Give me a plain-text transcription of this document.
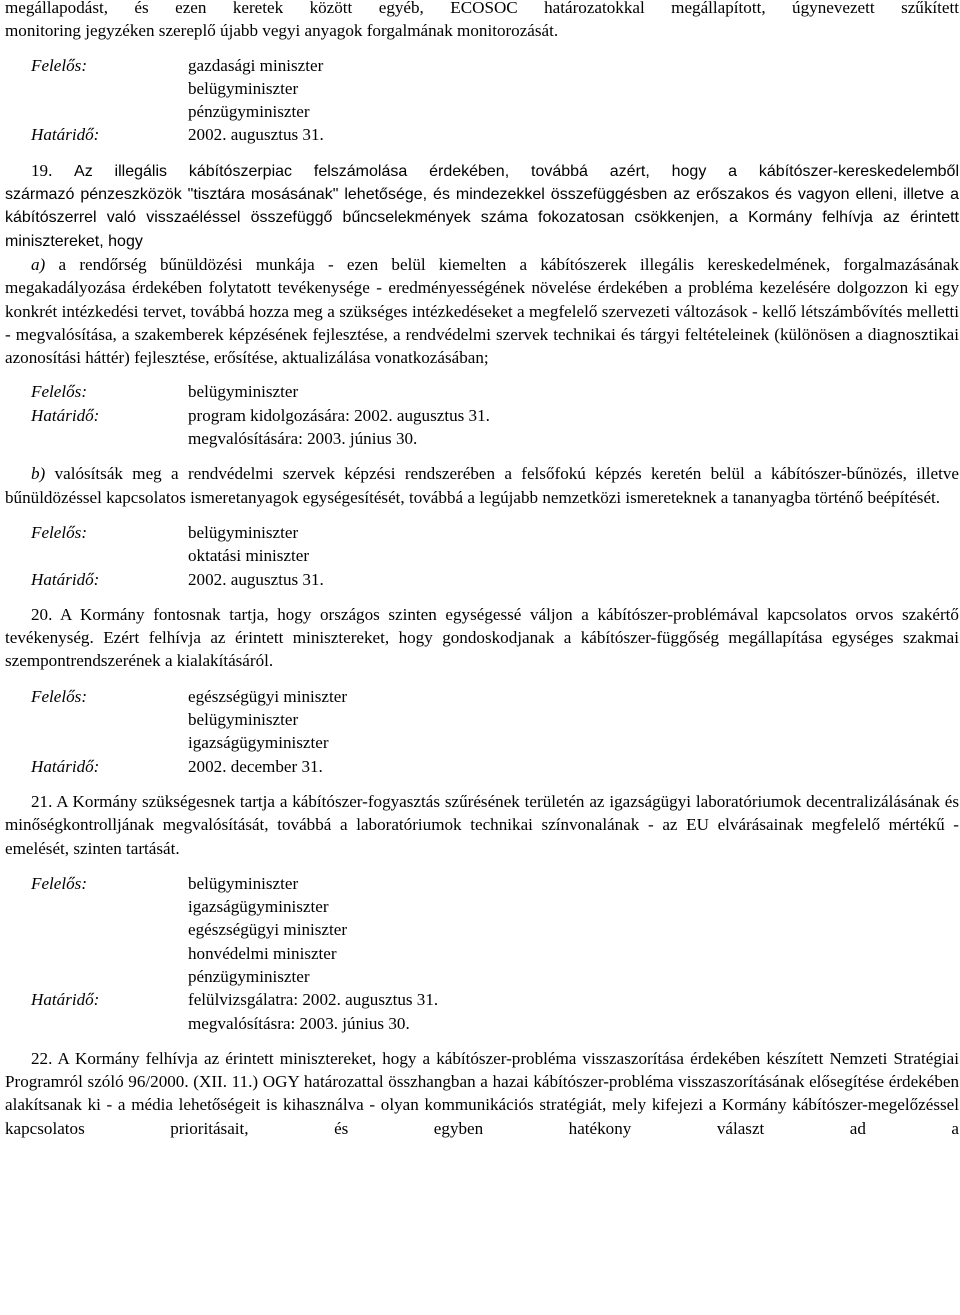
megállapodást, és ezen keretek között egyéb, ECOSOC határozatokkal megállapított, úgynevezett szűkített

monitoring jegyzéken szereplő újabb vegyi anyagok forgalmának monitorozását.

Felelős:	gazdasági miniszter
belügyminiszter
pénzügyminiszter
Határidő:	2002. augusztus 31.

19. Az illegális kábítószerpiac felszámolása érdekében, továbbá azért, hogy a kábítószer-kereskedelemből

származó pénzeszközök "tisztára mosásának" lehetősége, és mindezekkel összefüggésben az erőszakos és vagyon elleni, illetve a kábítószerrel való visszaéléssel összefüggő bűncselekmények száma fokozatosan csökkenjen, a Kormány felhívja az érintett minisztereket, hogy

a) a rendőrség bűnüldözési munkája - ezen belül kiemelten a kábítószerek illegális kereskedelmének, forgalmazásának megakadályozása érdekében folytatott tevékenysége - eredményességének növelése érdekében a probléma kezelésére dolgozzon ki egy konkrét intézkedési tervet, továbbá hozza meg a szükséges intézkedéseket a megfelelő szervezeti változások - kellő létszámbővítés melletti - megvalósítása, a szakemberek képzésének fejlesztése, a rendvédelmi szervek technikai és tárgyi feltételeinek (különösen a diagnosztikai azonosítási háttér) fejlesztése, erősítése, aktualizálása vonatkozásában;

Felelős:	belügyminiszter
Határidő:	program kidolgozására: 2002. augusztus 31.
megvalósítására: 2003. június 30.

b) valósítsák meg a rendvédelmi szervek képzési rendszerében a felsőfokú képzés keretén belül a kábítószer-bűnözés, illetve bűnüldözéssel kapcsolatos ismeretanyagok egységesítését, továbbá a legújabb nemzetközi ismereteknek a tananyagba történő beépítését.

Felelős:	belügyminiszter
oktatási miniszter
Határidő:	2002. augusztus 31.

20. A Kormány fontosnak tartja, hogy országos szinten egységessé váljon a kábítószer-problémával kapcsolatos orvos szakértő tevékenység. Ezért felhívja az érintett minisztereket, hogy gondoskodjanak a kábítószer-függőség megállapítása egységes szakmai szempontrendszerének a kialakításáról.

Felelős:	egészségügyi miniszter
belügyminiszter
igazságügyminiszter
Határidő:	2002. december 31.

21. A Kormány szükségesnek tartja a kábítószer-fogyasztás szűrésének területén az igazságügyi laboratóriumok decentralizálásának és minőségkontrolljának megvalósítását, továbbá a laboratóriumok technikai színvonalának - az EU elvárásainak megfelelő mértékű - emelését, szinten tartását.

Felelős:	belügyminiszter
igazságügyminiszter
egészségügyi miniszter
honvédelmi miniszter
pénzügyminiszter
Határidő:	felülvizsgálatra: 2002. augusztus 31.
megvalósításra: 2003. június 30.

22. A Kormány felhívja az érintett minisztereket, hogy a kábítószer-probléma visszaszorítása érdekében készített Nemzeti Stratégiai Programról szóló 96/2000. (XII. 11.) OGY határozattal összhangban a hazai kábítószer-probléma visszaszorításának elősegítése érdekében alakítsanak ki - a média lehetőségeit is kihasználva - olyan kommunikációs stratégiát, mely kifejezi a Kormány kábítószer-megelőzéssel kapcsolatos prioritásait, és egyben hatékony választ ad a
